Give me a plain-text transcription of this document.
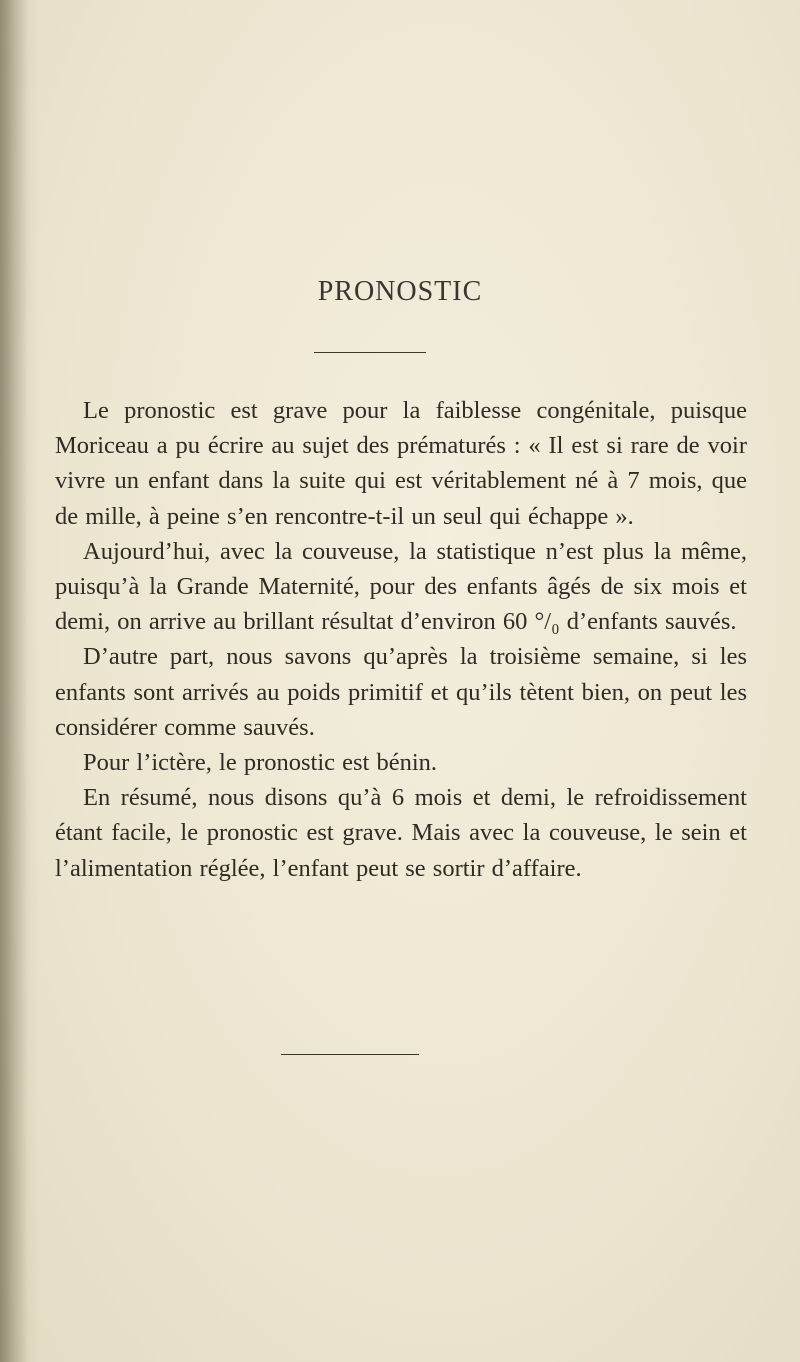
PRONOSTIC

Le pronostic est grave pour la faiblesse congénitale, puisque Moriceau a pu écrire au sujet des prématurés : « Il est si rare de voir vivre un enfant dans la suite qui est véritablement né à 7 mois, que de mille, à peine s’en rencontre-t-il un seul qui échappe ».

Aujourd’hui, avec la couveuse, la statistique n’est plus la même, puisqu’à la Grande Maternité, pour des enfants âgés de six mois et demi, on arrive au brillant résultat d’environ 60 °/₀ d’enfants sauvés.

D’autre part, nous savons qu’après la troisième semaine, si les enfants sont arrivés au poids primitif et qu’ils tètent bien, on peut les considérer comme sauvés.

Pour l’ictère, le pronostic est bénin.

En résumé, nous disons qu’à 6 mois et demi, le refroidissement étant facile, le pronostic est grave. Mais avec la couveuse, le sein et l’alimentation réglée, l’enfant peut se sortir d’affaire.
